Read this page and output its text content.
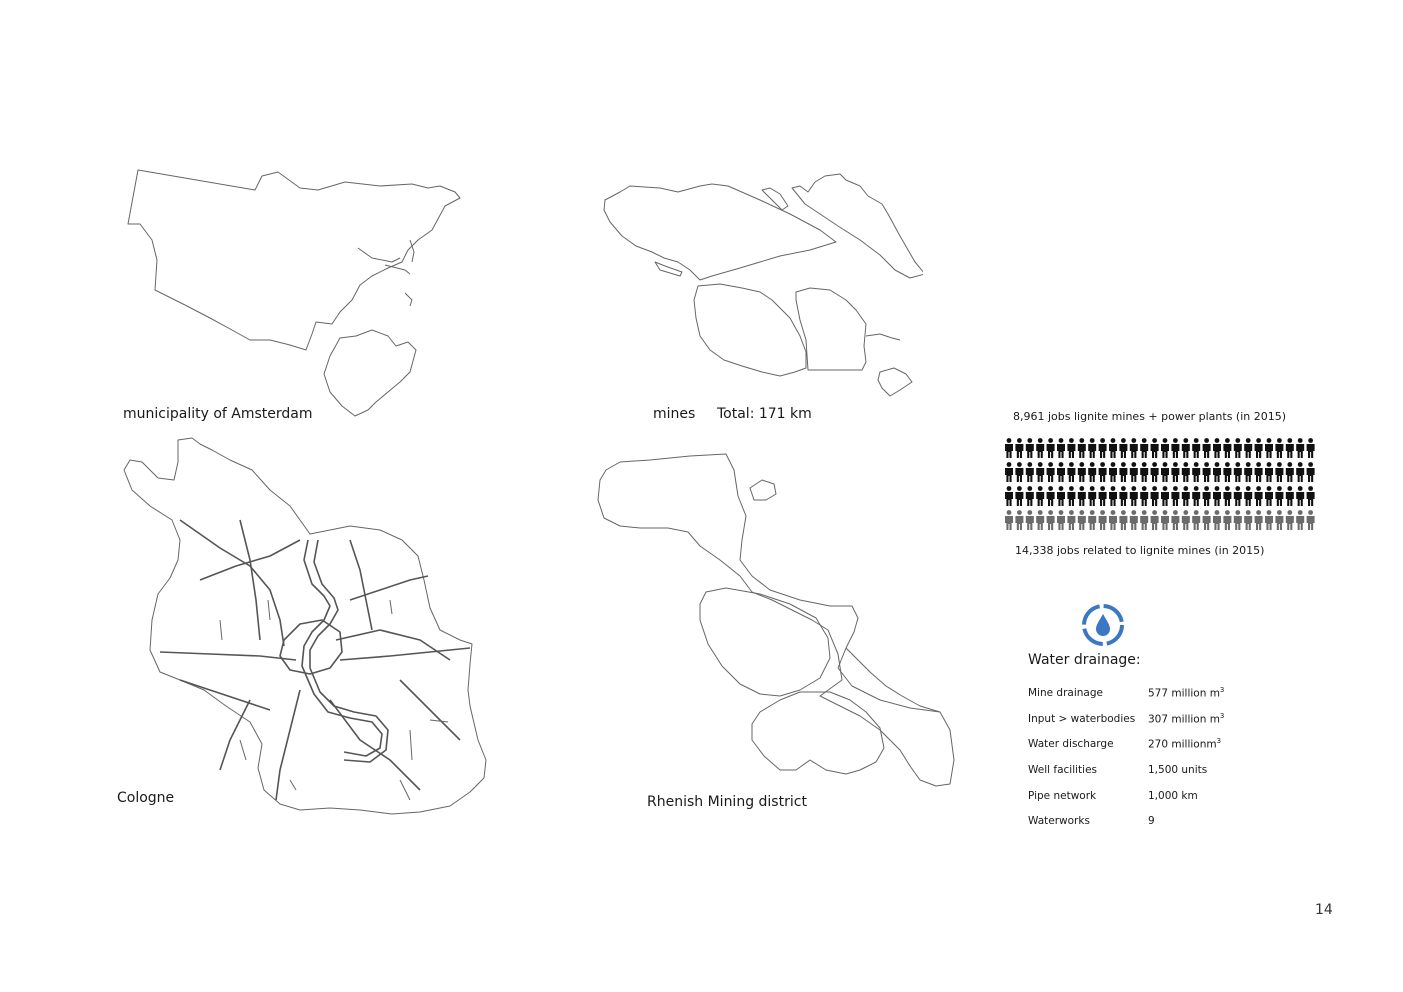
municipality of Amsterdam	mines Total: 171 km
Cologne	Rhenish Mining district
8,961 jobs lignite mines + power plants (in 2015)
14,338 jobs related to lignite mines (in 2015)
Water drainage:
Mine drainage	577 million $m^3$
Input > waterbodies	307 million $m^3$
Water discharge	270 millionm$^3$
Well facilities	1,500 units
Pipe network	1,000 km
Waterworks	9
14
